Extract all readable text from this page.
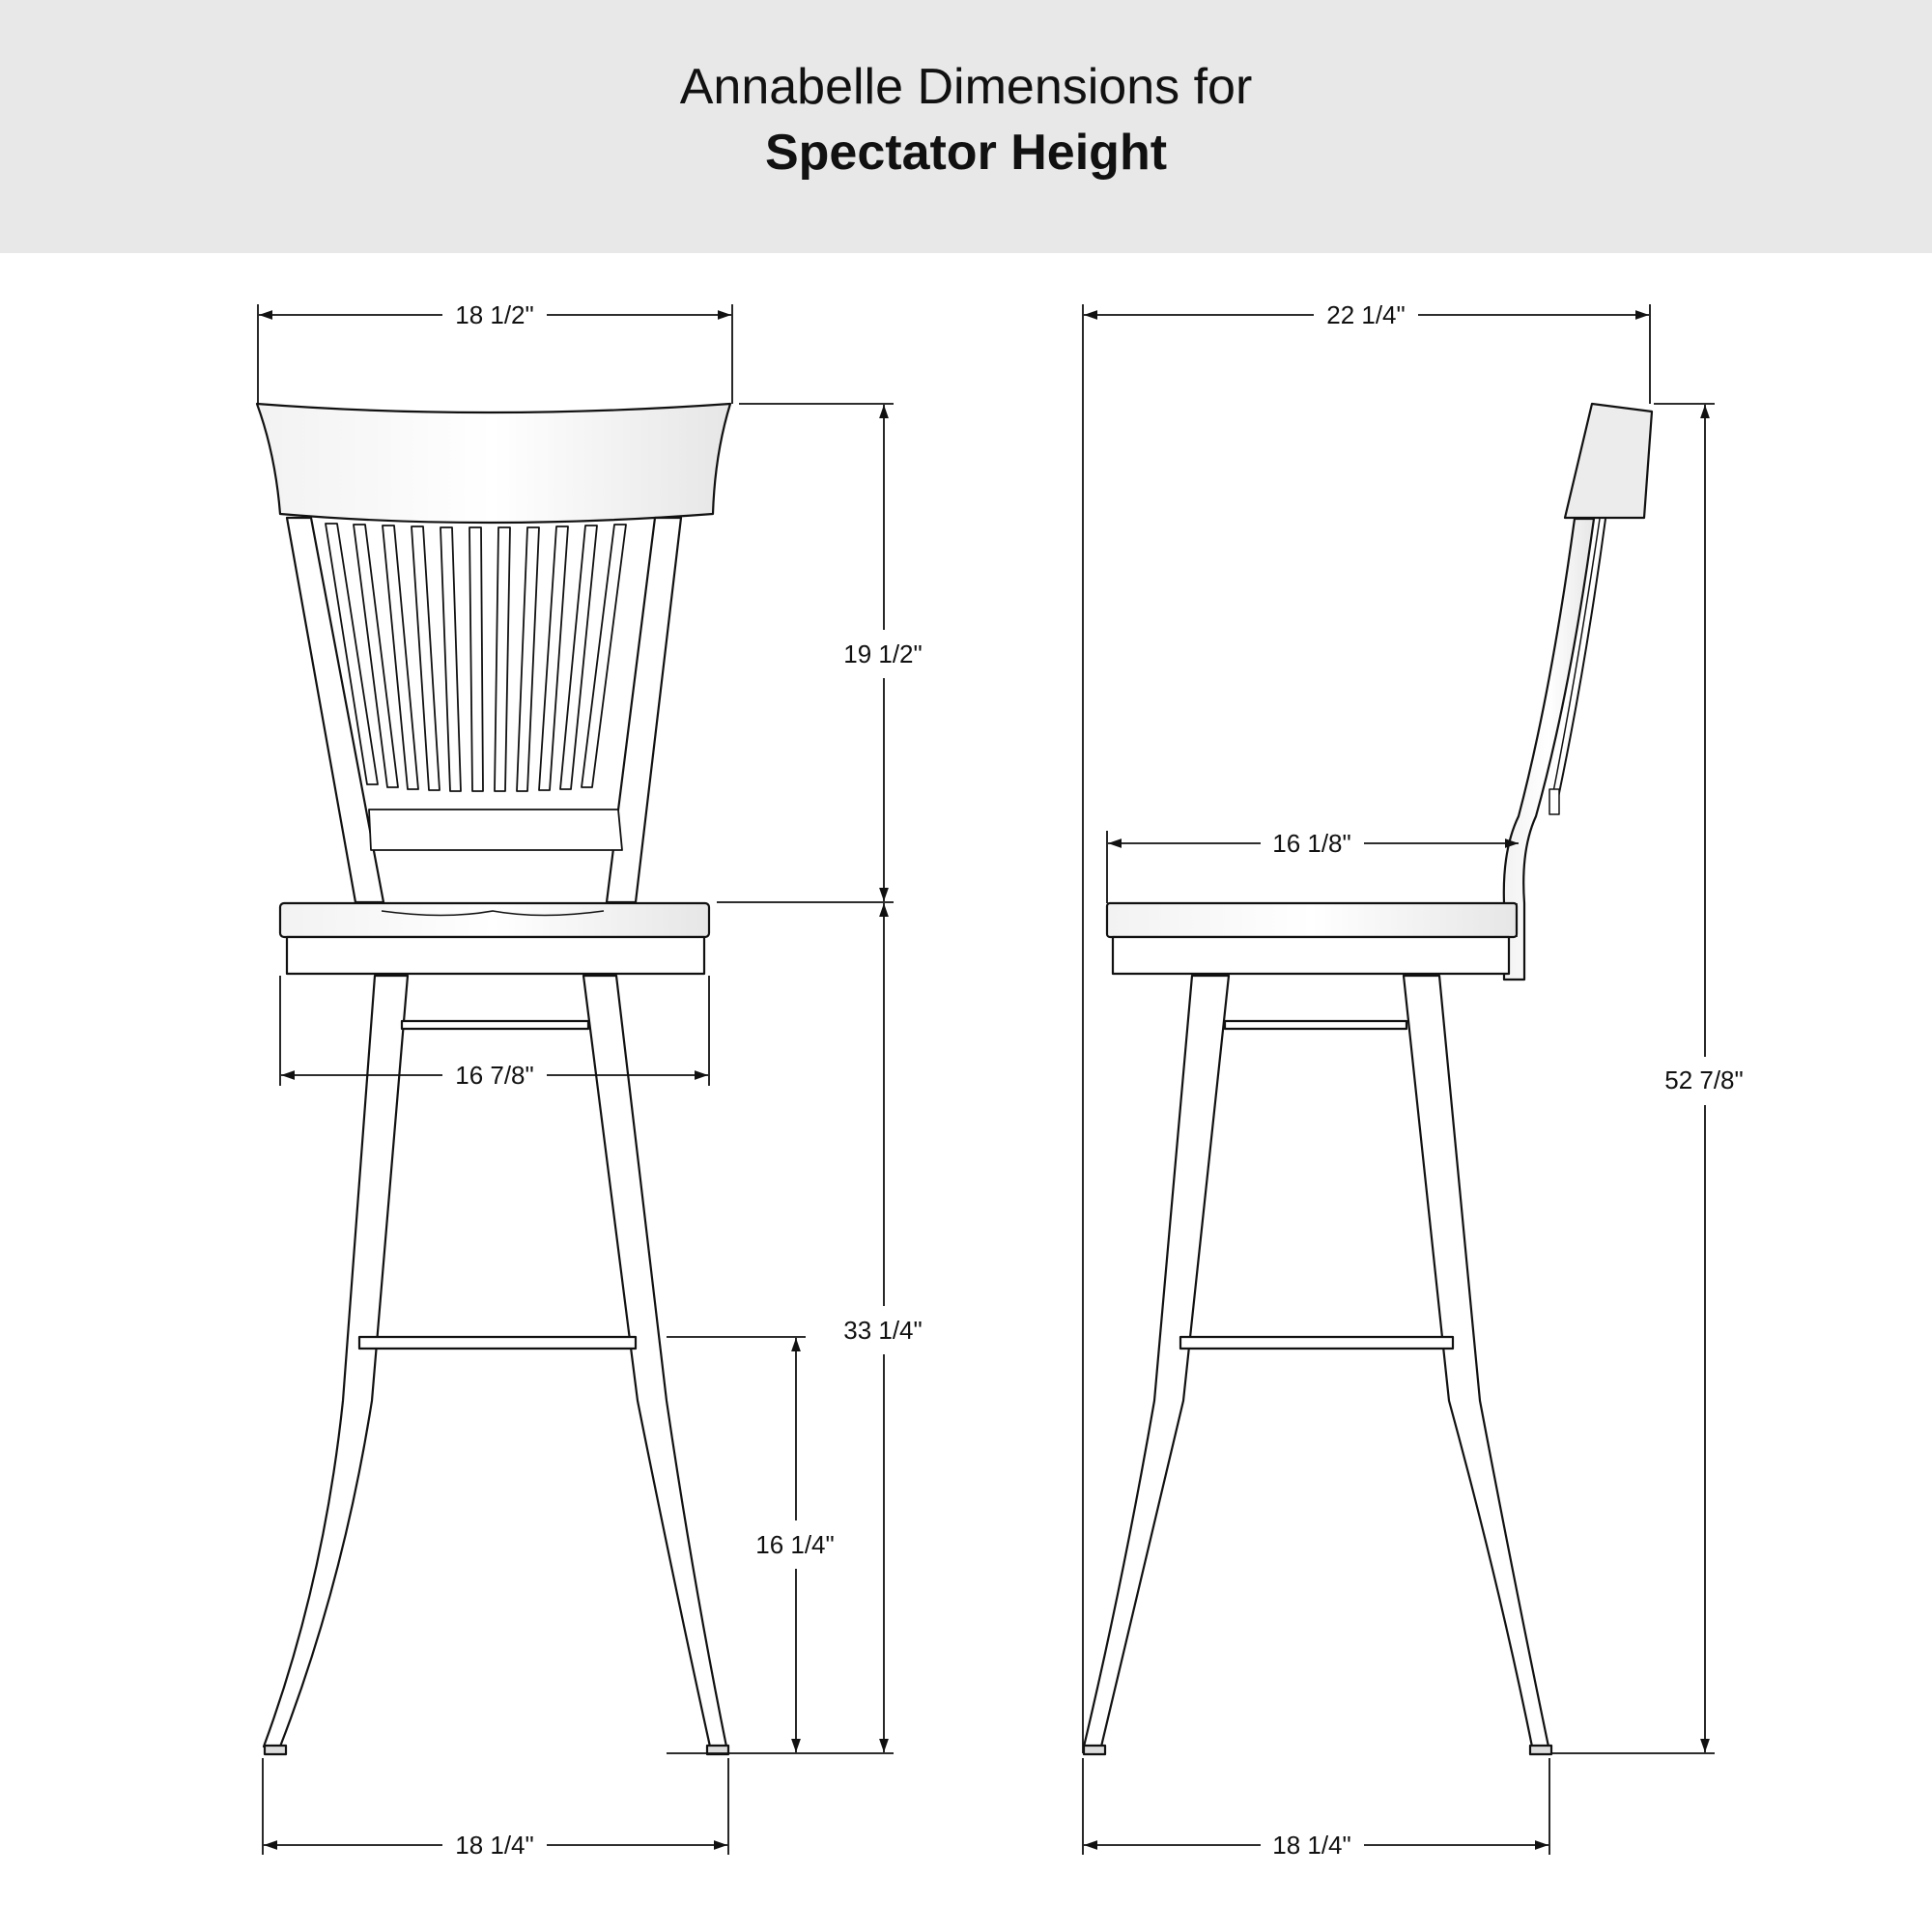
Annabelle Dimensions for
Spectator Height
18 1/2"
16 7/8"
18 1/4"
19 1/2"
33 1/4"
16 1/4"
22 1/4"
16 1/8"
18 1/4"
52 7/8"
